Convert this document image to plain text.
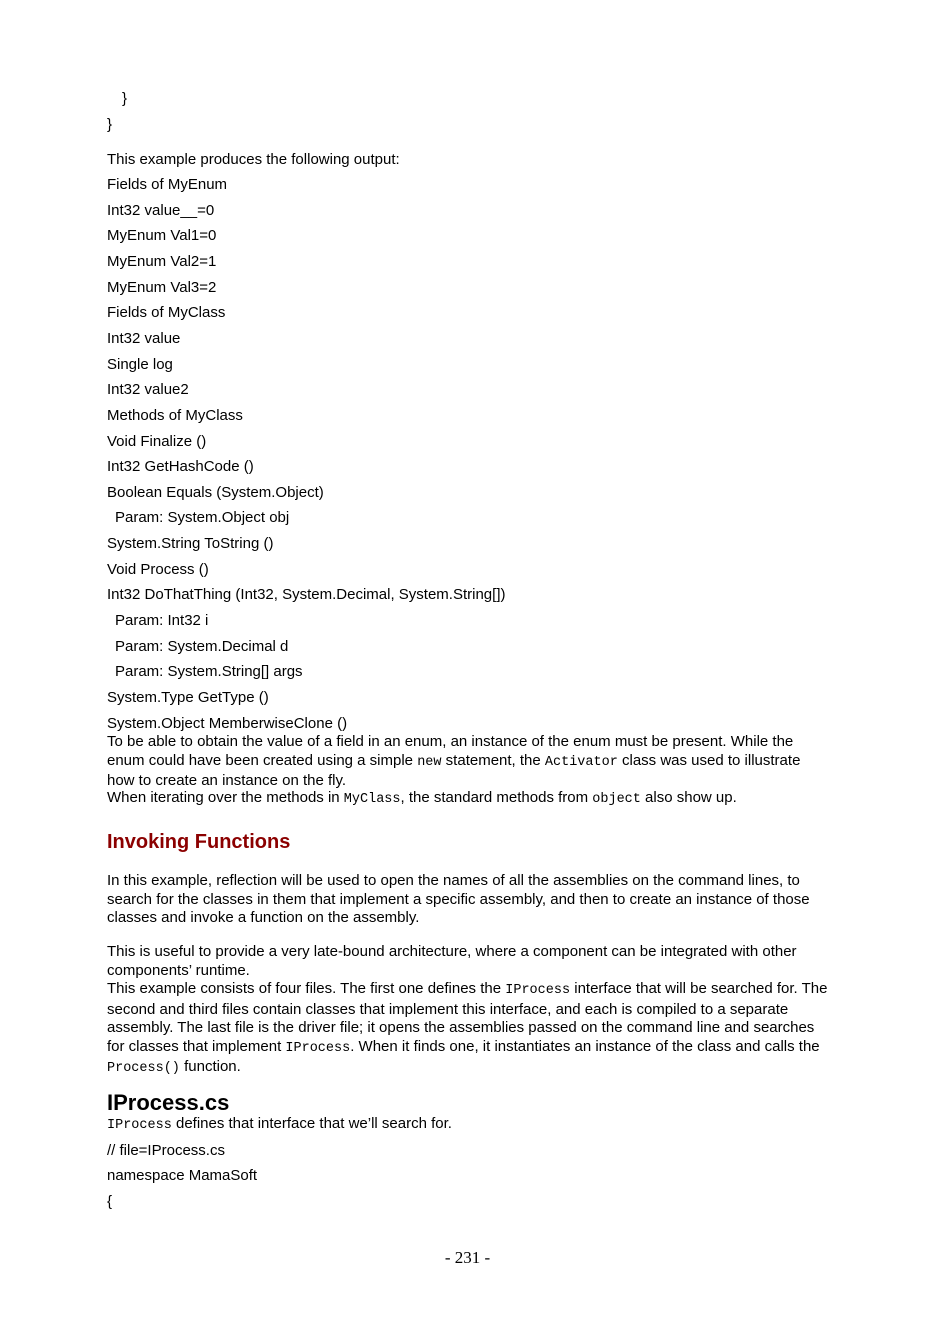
}
}
This example produces the following output:
Fields of MyEnum
Int32 value__=0
MyEnum Val1=0
MyEnum Val2=1
MyEnum Val3=2
Fields of MyClass
Int32 value
Single log
Int32 value2
Methods of MyClass
Void Finalize ()
Int32 GetHashCode ()
Boolean Equals (System.Object)
Param: System.Object obj
System.String ToString ()
Void Process ()
Int32 DoThatThing (Int32, System.Decimal, System.String[])
Param: Int32 i
Param: System.Decimal d
Param: System.String[] args
System.Type GetType ()
System.Object MemberwiseClone ()
To be able to obtain the value of a field in an enum, an instance of the enum must be present. While the enum could have been created using a simple new statement, the Activator class was used to illustrate how to create an instance on the fly.
When iterating over the methods in MyClass, the standard methods from object also show up.
Invoking Functions
In this example, reflection will be used to open the names of all the assemblies on the command lines, to search for the classes in them that implement a specific assembly, and then to create an instance of those classes and invoke a function on the assembly.
This is useful to provide a very late-bound architecture, where a component can be integrated with other components’ runtime.
This example consists of four files. The first one defines the IProcess interface that will be searched for. The second and third files contain classes that implement this interface, and each is compiled to a separate assembly. The last file is the driver file; it opens the assemblies passed on the command line and searches for classes that implement IProcess. When it finds one, it instantiates an instance of the class and calls the Process() function.
IProcess.cs
IProcess defines that interface that we’ll search for.
// file=IProcess.cs
namespace MamaSoft
{
- 231 -
